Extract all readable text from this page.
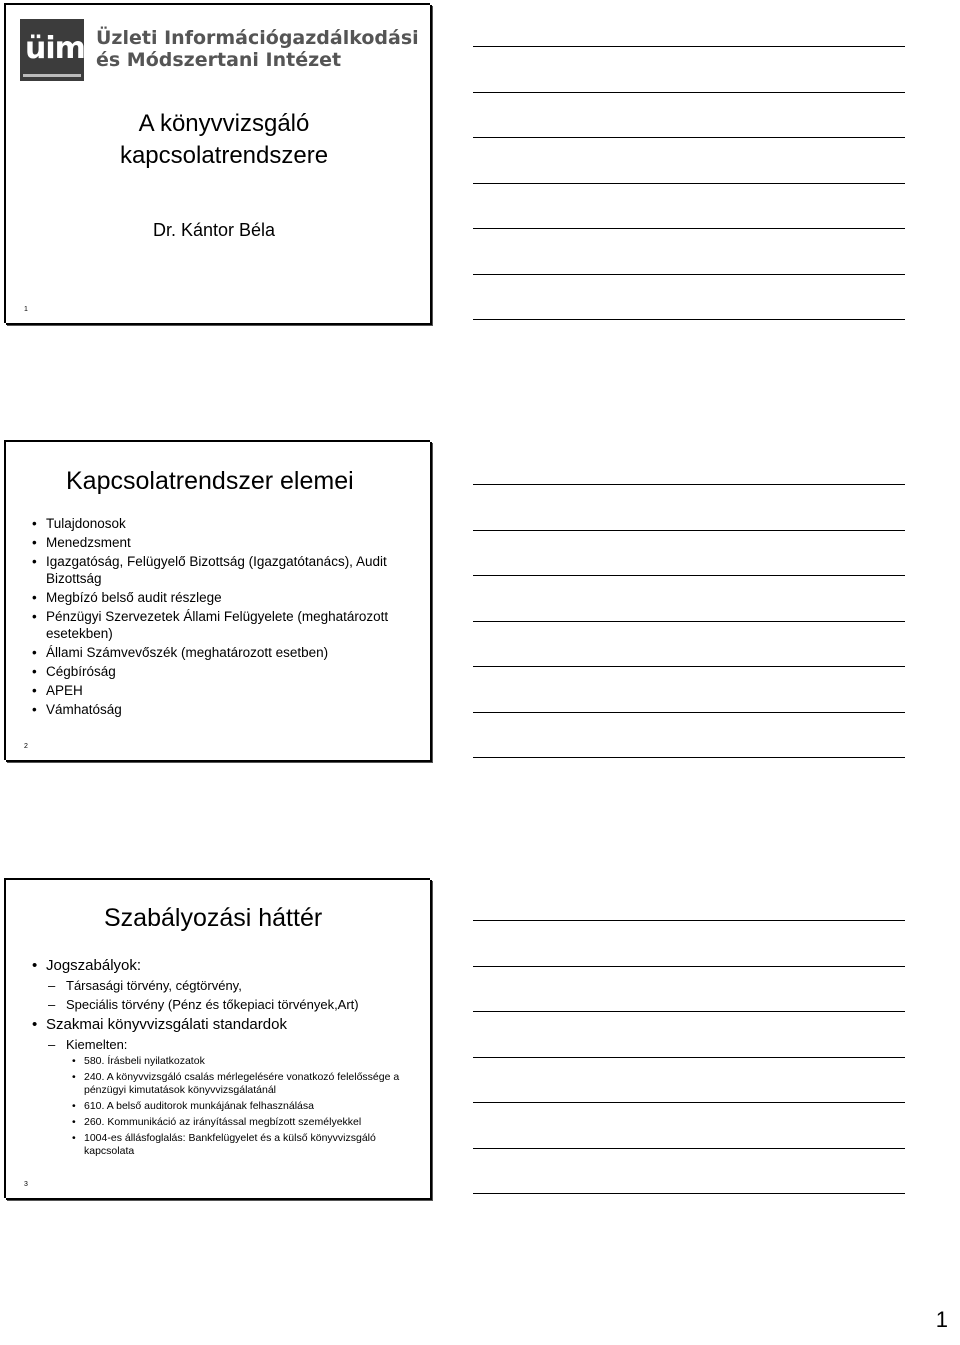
üim Üzleti Információgazdálkodási
és Módszertani Intézet
A könyvvizsgáló
kapcsolatrendszere
Dr. Kántor Béla
1
Kapcsolatrendszer elemei
• Tulajdonosok
• Menedzsment
• Igazgatóság, Felügyelő Bizottság (Igazgatótanács), Audit Bizottság
• Megbízó belső audit részlege
• Pénzügyi Szervezetek Állami Felügyelete (meghatározott esetekben)
• Állami Számvevőszék (meghatározott esetben)
• Cégbíróság
• APEH
• Vámhatóság
2
Szabályozási háttér
• Jogszabályok:
– Társasági törvény, cégtörvény,
– Speciális törvény (Pénz és tőkepiaci törvények,Art)
• Szakmai könyvvizsgálati standardok
– Kiemelten:
• 580. Írásbeli nyilatkozatok
• 240. A könyvvizsgáló csalás mérlegelésére vonatkozó felelőssége a pénzügyi kimutatások könyvvizsgálatánál
• 610. A belső auditorok munkájának felhasználása
• 260. Kommunikáció az irányítással megbízott személyekkel
• 1004-es állásfoglalás: Bankfelügyelet és a külső könyvvizsgáló kapcsolata
3
1
